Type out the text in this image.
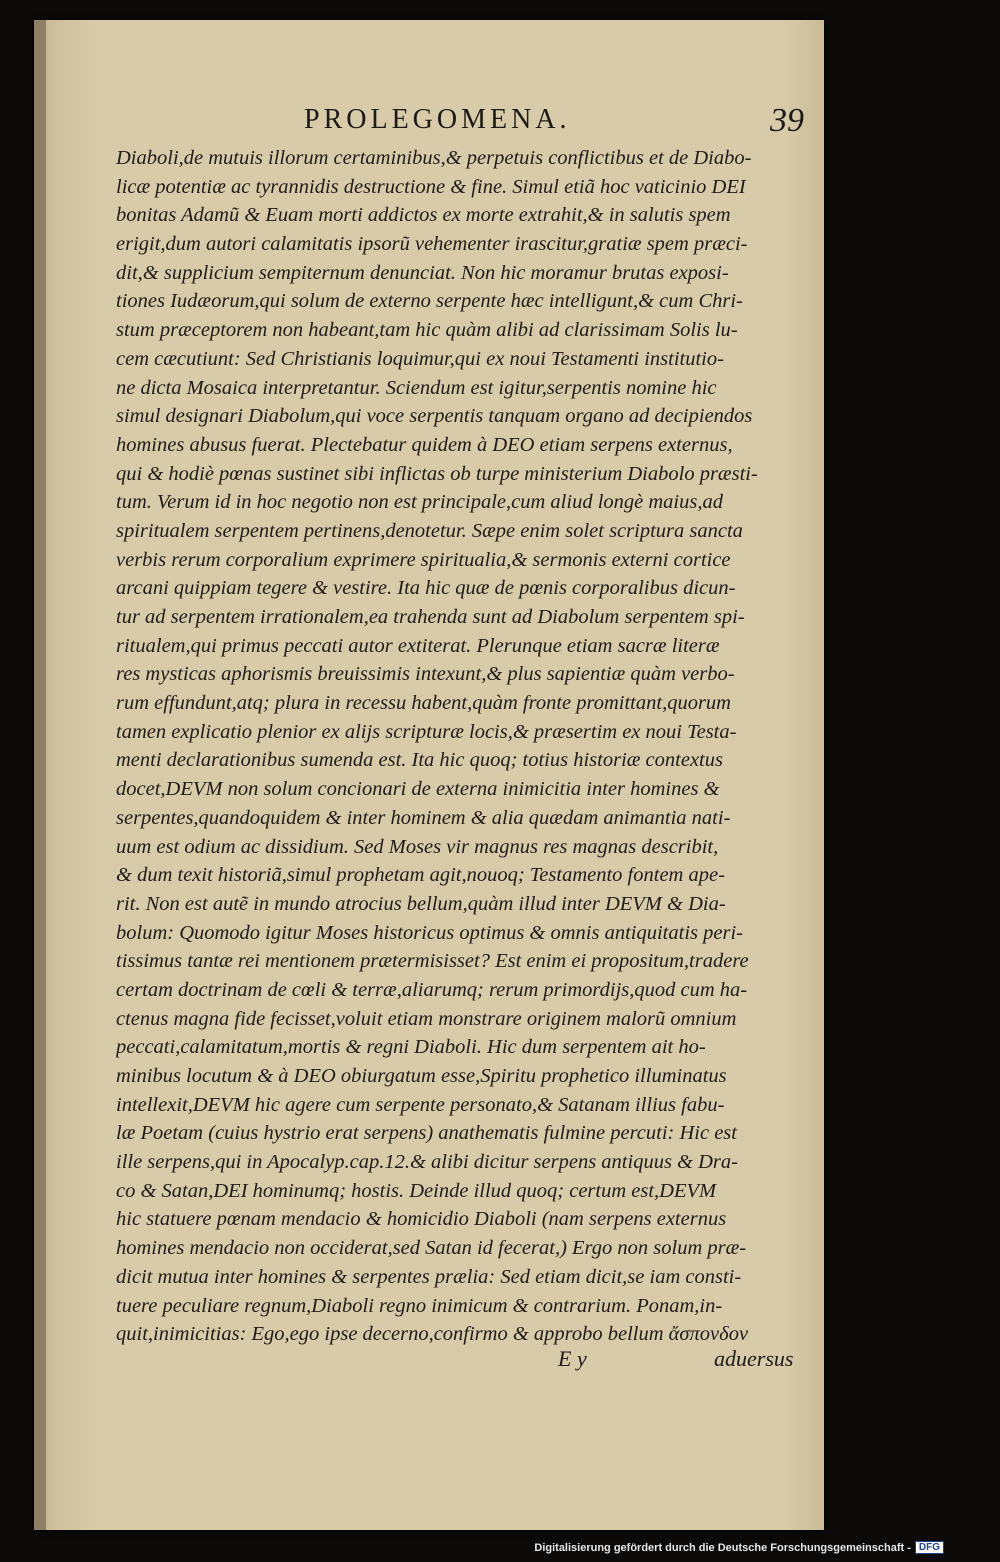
PROLEGOMENA.	39
Diaboli,de mutuis illorum certaminibus,& perpetuis conflictibus et de Diabo-
licæ potentiæ ac tyrannidis destructione & fine. Simul etiã hoc vaticinio DEI
bonitas Adamũ & Euam morti addictos ex morte extrahit,& in salutis spem
erigit,dum autori calamitatis ipsorũ vehementer irascitur,gratiæ spem præci-
dit,& supplicium sempiternum denunciat. Non hic moramur brutas exposi-
tiones Iudæorum,qui solum de externo serpente hæc intelligunt,& cum Chri-
stum præceptorem non habeant,tam hic quàm alibi ad clarissimam Solis lu-
cem cæcutiunt: Sed Christianis loquimur,qui ex noui Testamenti institutio-
ne dicta Mosaica interpretantur. Sciendum est igitur,serpentis nomine hic
simul designari Diabolum,qui voce serpentis tanquam organo ad decipiendos
homines abusus fuerat. Plectebatur quidem à DEO etiam serpens externus,
qui & hodiè pœnas sustinet sibi inflictas ob turpe ministerium Diabolo præsti-
tum. Verum id in hoc negotio non est principale,cum aliud longè maius,ad
spiritualem serpentem pertinens,denotetur. Sæpe enim solet scriptura sancta
verbis rerum corporalium exprimere spiritualia,& sermonis externi cortice
arcani quippiam tegere & vestire. Ita hic quæ de pœnis corporalibus dicun-
tur ad serpentem irrationalem,ea trahenda sunt ad Diabolum serpentem spi-
ritualem,qui primus peccati autor extiterat. Plerunque etiam sacræ literæ
res mysticas aphorismis breuissimis intexunt,& plus sapientiæ quàm verbo-
rum effundunt,atq; plura in recessu habent,quàm fronte promittant,quorum
tamen explicatio plenior ex alijs scripturæ locis,& præsertim ex noui Testa-
menti declarationibus sumenda est. Ita hic quoq; totius historiæ contextus
docet,DEVM non solum concionari de externa inimicitia inter homines &
serpentes,quandoquidem & inter hominem & alia quædam animantia nati-
uum est odium ac dissidium. Sed Moses vir magnus res magnas describit,
& dum texit historiã,simul prophetam agit,nouoq; Testamento fontem ape-
rit. Non est autẽ in mundo atrocius bellum,quàm illud inter DEVM & Dia-
bolum: Quomodo igitur Moses historicus optimus & omnis antiquitatis peri-
tissimus tantæ rei mentionem prætermisisset? Est enim ei propositum,tradere
certam doctrinam de cœli & terræ,aliarumq; rerum primordijs,quod cum ha-
ctenus magna fide fecisset,voluit etiam monstrare originem malorũ omnium
peccati,calamitatum,mortis & regni Diaboli. Hic dum serpentem ait ho-
minibus locutum & à DEO obiurgatum esse,Spiritu prophetico illuminatus
intellexit,DEVM hic agere cum serpente personato,& Satanam illius fabu-
læ Poetam (cuius hystrio erat serpens) anathematis fulmine percuti: Hic est
ille serpens,qui in Apocalyp.cap.12.& alibi dicitur serpens antiquus & Dra-
co & Satan,DEI hominumq; hostis. Deinde illud quoq; certum est,DEVM
hic statuere pœnam mendacio & homicidio Diaboli (nam serpens externus
homines mendacio non occiderat,sed Satan id fecerat,) Ergo non solum præ-
dicit mutua inter homines & serpentes prælia: Sed etiam dicit,se iam consti-
tuere peculiare regnum,Diaboli regno inimicum & contrarium. Ponam,in-
quit,inimicitias: Ego,ego ipse decerno,confirmo & approbo bellum ἄσπονδον
E y	aduersus
Digitalisierung gefördert durch die Deutsche Forschungsgemeinschaft - DFG
